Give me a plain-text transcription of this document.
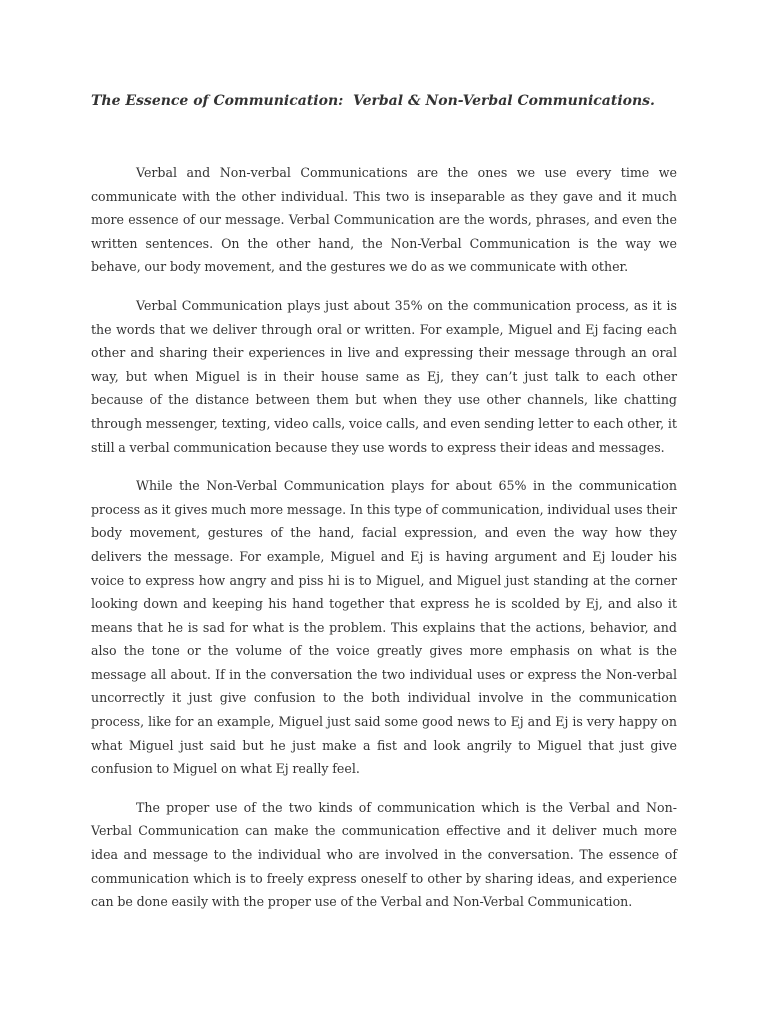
The Essence of Communication:  Verbal & Non-Verbal Communications.

Verbal and Non-verbal Communications are the ones we use every time we communicate with the other individual. This two is inseparable as they gave and it much more essence of our message. Verbal Communication are the words, phrases, and even the written sentences. On the other hand, the Non-Verbal Communication is the way we behave, our body movement, and the gestures we do as we communicate with other.

Verbal Communication plays just about 35% on the communication process, as it is the words that we deliver through oral or written. For example, Miguel and Ej facing each other and sharing their experiences in live and expressing their message through an oral way, but when Miguel is in their house same as Ej, they can’t just talk to each other because of the distance between them but when they use other channels, like chatting through messenger, texting, video calls, voice calls, and even sending letter to each other, it still a verbal communication because they use words to express their ideas and messages.

While the Non-Verbal Communication plays for about 65% in the communication process as it gives much more message. In this type of communication, individual uses their body movement, gestures of the hand, facial expression, and even the way how they delivers the message. For example, Miguel and Ej is having argument and Ej louder his voice to express how angry and piss hi is to Miguel, and Miguel just standing at the corner looking down and keeping his hand together that express he is scolded by Ej, and also it means that he is sad for what is the problem. This explains that the actions, behavior, and also the tone or the volume of the voice greatly gives more emphasis on what is the message all about. If in the conversation the two individual uses or express the Non-verbal uncorrectly it just give confusion to the both individual involve in the communication process, like for an example, Miguel just said some good news to Ej and Ej is very happy on what Miguel just said but he just make a fist and look angrily to Miguel that just give confusion to Miguel on what Ej really feel.

The proper use of the two kinds of communication which is the Verbal and Non-Verbal Communication can make the communication effective and it deliver much more idea and message to the individual who are involved in the conversation. The essence of communication which is to freely express oneself to other by sharing ideas, and experience can be done easily with the proper use of the Verbal and Non-Verbal Communication.
